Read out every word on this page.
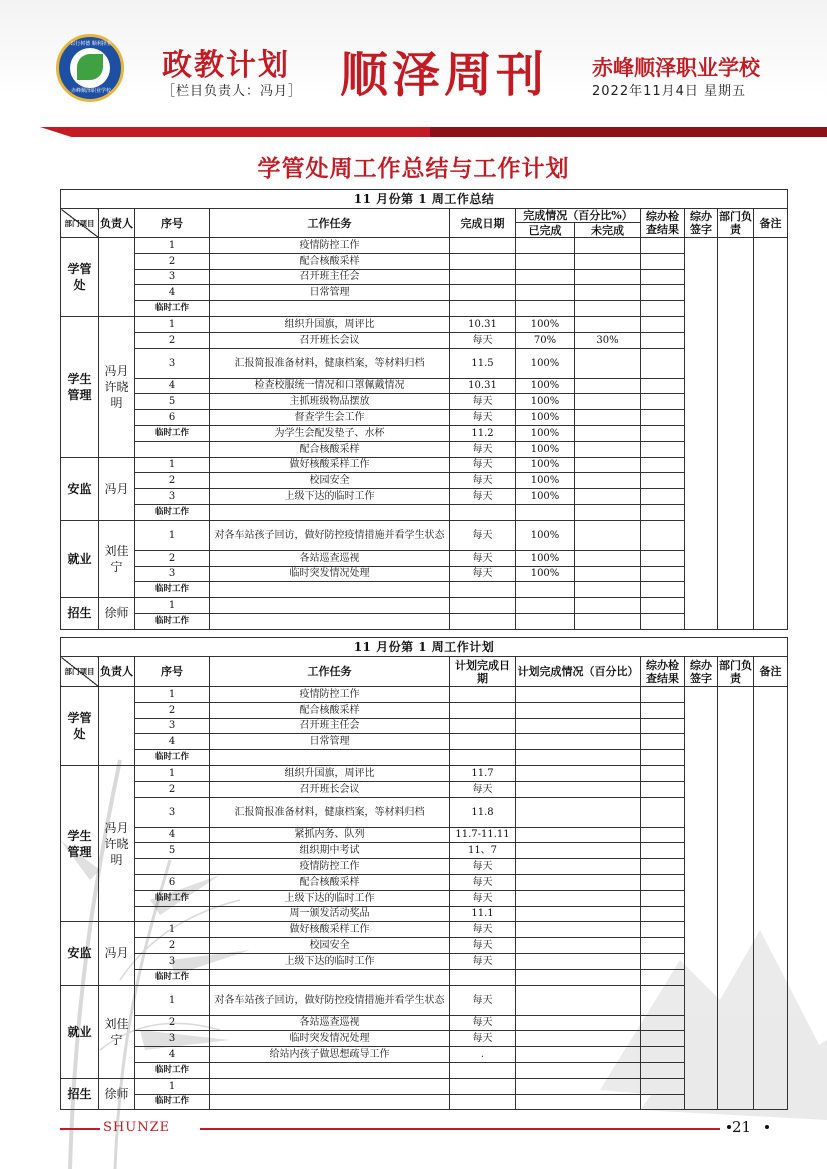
以行树德 顺利择业
赤峰顺泽职业学校
政教计划
［栏目负责人：冯月］ 顺泽周刊 赤峰顺泽职业学校
2022年11月4日 星期五
学管处周工作总结与工作计划
11 月份第 1 周工作总结										
部门项目	负责人	序号	工作任务	完成日期	完成情况（百分比%）		综办检查结果	综办签字	部门负责	备注
					已完成	未完成				
学管处		1	疫情防控工作							
		2	配合核酸采样							
		3	召开班主任会							
		4	日常管理							
		临时工作								
学生管理	冯月 许晓明	1	组织升国旗，周评比	10.31	100%					
		2	召开班长会议	每天	70%	30%				
		3	汇报简报准备材料，健康档案，等材料归档	11.5	100%					
		4	检查校服统一情况和口罩佩戴情况	10.31	100%					
		5	主抓班级物品摆放	每天	100%					
		6	督查学生会工作	每天	100%					
		临时工作	为学生会配发垫子、水杯	11.2	100%					
			配合核酸采样	每天	100%					
安监	冯月	1	做好核酸采样工作	每天	100%					
		2	校园安全	每天	100%					
		3	上级下达的临时工作	每天	100%					
		临时工作								
就业	刘佳宁	1	对各车站孩子回访，做好防控疫情措施并看学生状态	每天	100%					
		2	各站巡查巡视	每天	100%					
		3	临时突发情况处理	每天	100%					
		临时工作								
招生	徐师	1								
		临时工作								
11 月份第 1 周工作计划									
部门项目	负责人	序号	工作任务	计划完成日期	计划完成情况（百分比）	综办检查结果	综办签字	部门负责	备注
学管处		1	疫情防控工作						
		2	配合核酸采样						
		3	召开班主任会						
		4	日常管理						
		临时工作							
学生管理	冯月 许晓明	1	组织升国旗，周评比	11.7					
		2	召开班长会议	每天					
		3	汇报简报准备材料，健康档案，等材料归档	11.8					
		4	紧抓内务、队列	11.7-11.11					
		5	组织期中考试	11、7					
			疫情防控工作	每天					
		6	配合核酸采样	每天					
		临时工作	上级下达的临时工作	每天					
			周一颁发活动奖品	11.1					
安监	冯月	1	做好核酸采样工作	每天					
		2	校园安全	每天					
		3	上级下达的临时工作	每天					
		临时工作							
就业	刘佳宁	1	对各车站孩子回访，做好防控疫情措施并看学生状态	每天					
		2	各站巡查巡视	每天					
		3	临时突发情况处理	每天					
		4	给站内孩子做思想疏导工作	.					
		临时工作							
招生	徐师	1							
		临时工作							
SHUNZE	21
